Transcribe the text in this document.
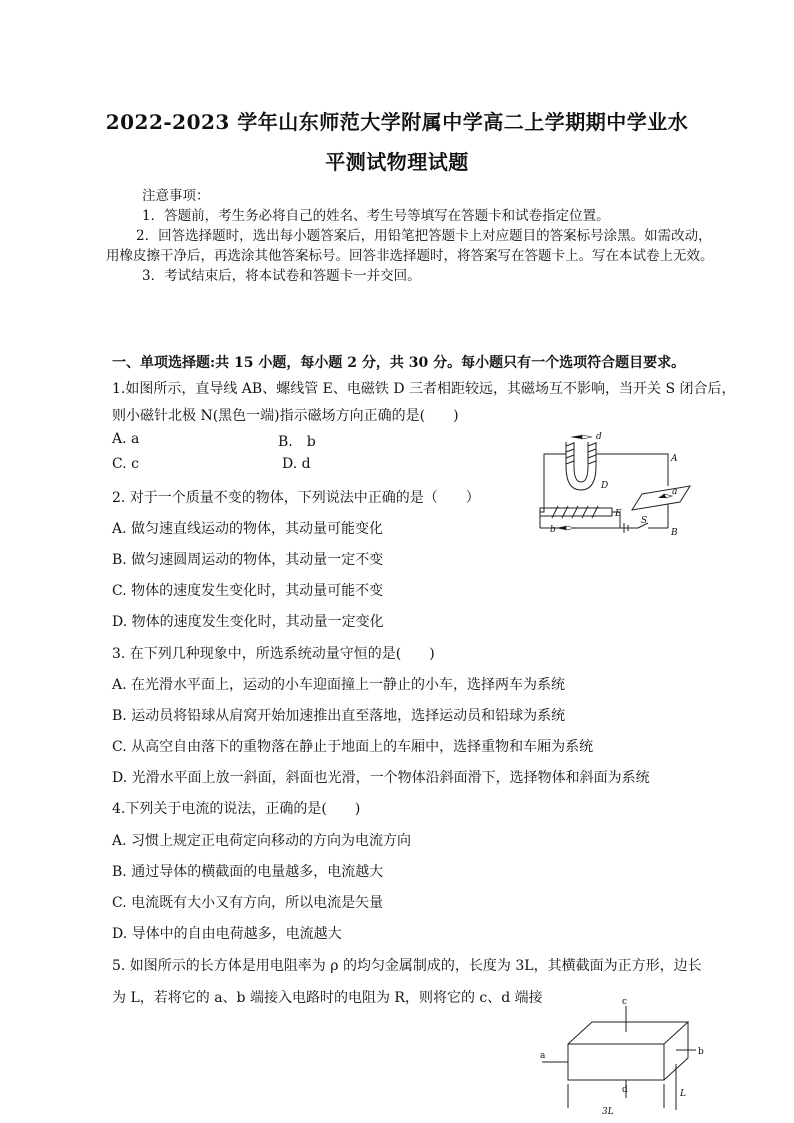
2022-2023 学年山东师范大学附属中学高二上学期期中学业水
平测试物理试题

注意事项：

1．答题前，考生务必将自己的姓名、考生号等填写在答题卡和试卷指定位置。

2．回答选择题时，选出每小题答案后，用铅笔把答题卡上对应题目的答案标号涂黑。如需改动，用橡皮擦干净后，再选涂其他答案标号。回答非选择题时，将答案写在答题卡上。写在本试卷上无效。

3．考试结束后，将本试卷和答题卡一并交回。

一、单项选择题:共 15 小题，每小题 2 分，共 30 分。每小题只有一个选项符合题目要求。
1.如图所示，直导线 AB、螺线管 E、电磁铁 D 三者相距较远，其磁场互不影响，当开关 S 闭合后，
则小磁针北极 N(黑色一端)指示磁场方向正确的是(　　)
A. a	B.　b
C. c	D. d
d
A
D
a
E
b
S
B
2. 对于一个质量不变的物体，下列说法中正确的是（　　）
A. 做匀速直线运动的物体，其动量可能变化
B. 做匀速圆周运动的物体，其动量一定不变
C. 物体的速度发生变化时，其动量可能不变
D. 物体的速度发生变化时，其动量一定变化
3. 在下列几种现象中，所选系统动量守恒的是(　　)
A. 在光滑水平面上，运动的小车迎面撞上一静止的小车，选择两车为系统
B. 运动员将铅球从肩窝开始加速推出直至落地，选择运动员和铅球为系统
C. 从高空自由落下的重物落在静止于地面上的车厢中，选择重物和车厢为系统
D. 光滑水平面上放一斜面，斜面也光滑，一个物体沿斜面滑下，选择物体和斜面为系统
4.下列关于电流的说法，正确的是(　　)
A. 习惯上规定正电荷定向移动的方向为电流方向
B. 通过导体的横截面的电量越多，电流越大
C. 电流既有大小又有方向，所以电流是矢量
D. 导体中的自由电荷越多，电流越大
5. 如图所示的长方体是用电阻率为 ρ 的均匀金属制成的，长度为 3L，其横截面为正方形，边长
为 L，若将它的 a、b 端接入电路时的电阻为 R，则将它的 c、d 端接	c
a	b
d
3L
L
